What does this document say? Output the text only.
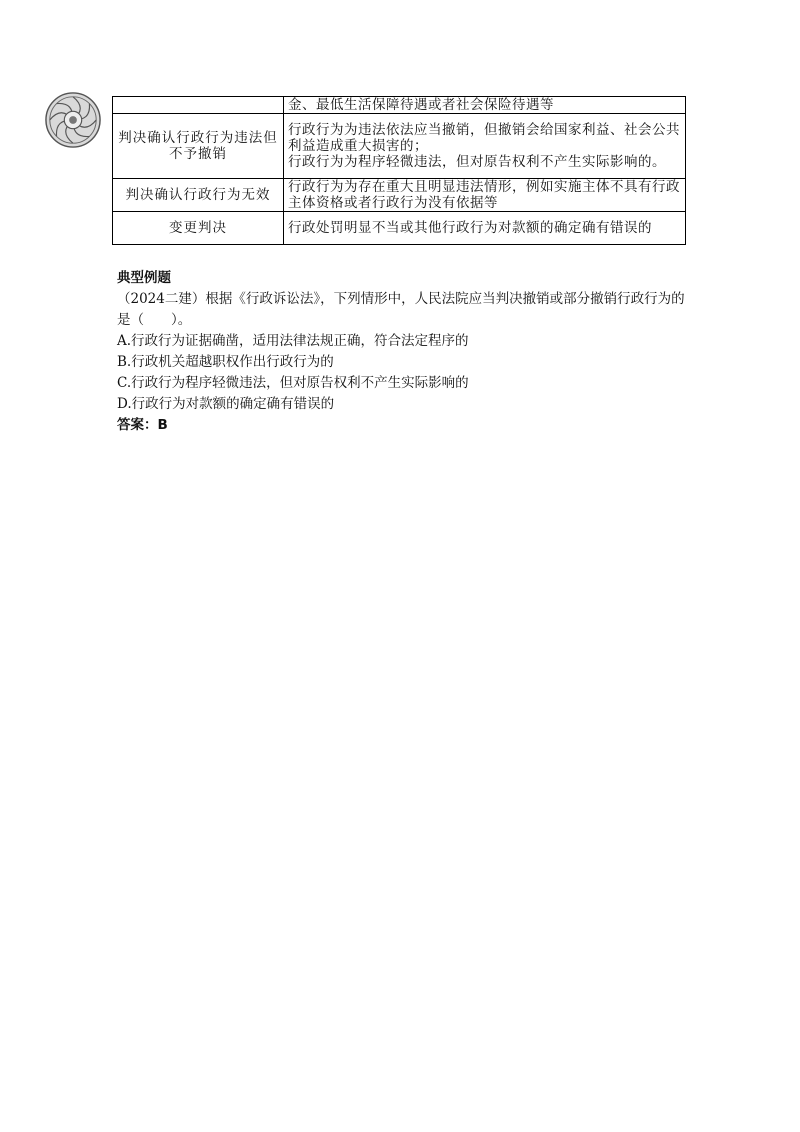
	金、最低生活保障待遇或者社会保险待遇等

判决确认行政行为违法但不予撤销	行政行为为违法依法应当撤销，但撤销会给国家利益、社会公共利益造成重大损害的；
行政行为为程序轻微违法，但对原告权利不产生实际影响的。

判决确认行政行为无效	行政行为为存在重大且明显违法情形，例如实施主体不具有行政主体资格或者行政行为没有依据等

变更判决	行政处罚明显不当或其他行政行为对款额的确定确有错误的

典型例题

（2024二建）根据《行政诉讼法》，下列情形中，人民法院应当判决撤销或部分撤销行政行为的是（　　）。

A.行政行为证据确凿，适用法律法规正确，符合法定程序的

B.行政机关超越职权作出行政行为的

C.行政行为程序轻微违法，但对原告权利不产生实际影响的

D.行政行为对款额的确定确有错误的

答案：B
